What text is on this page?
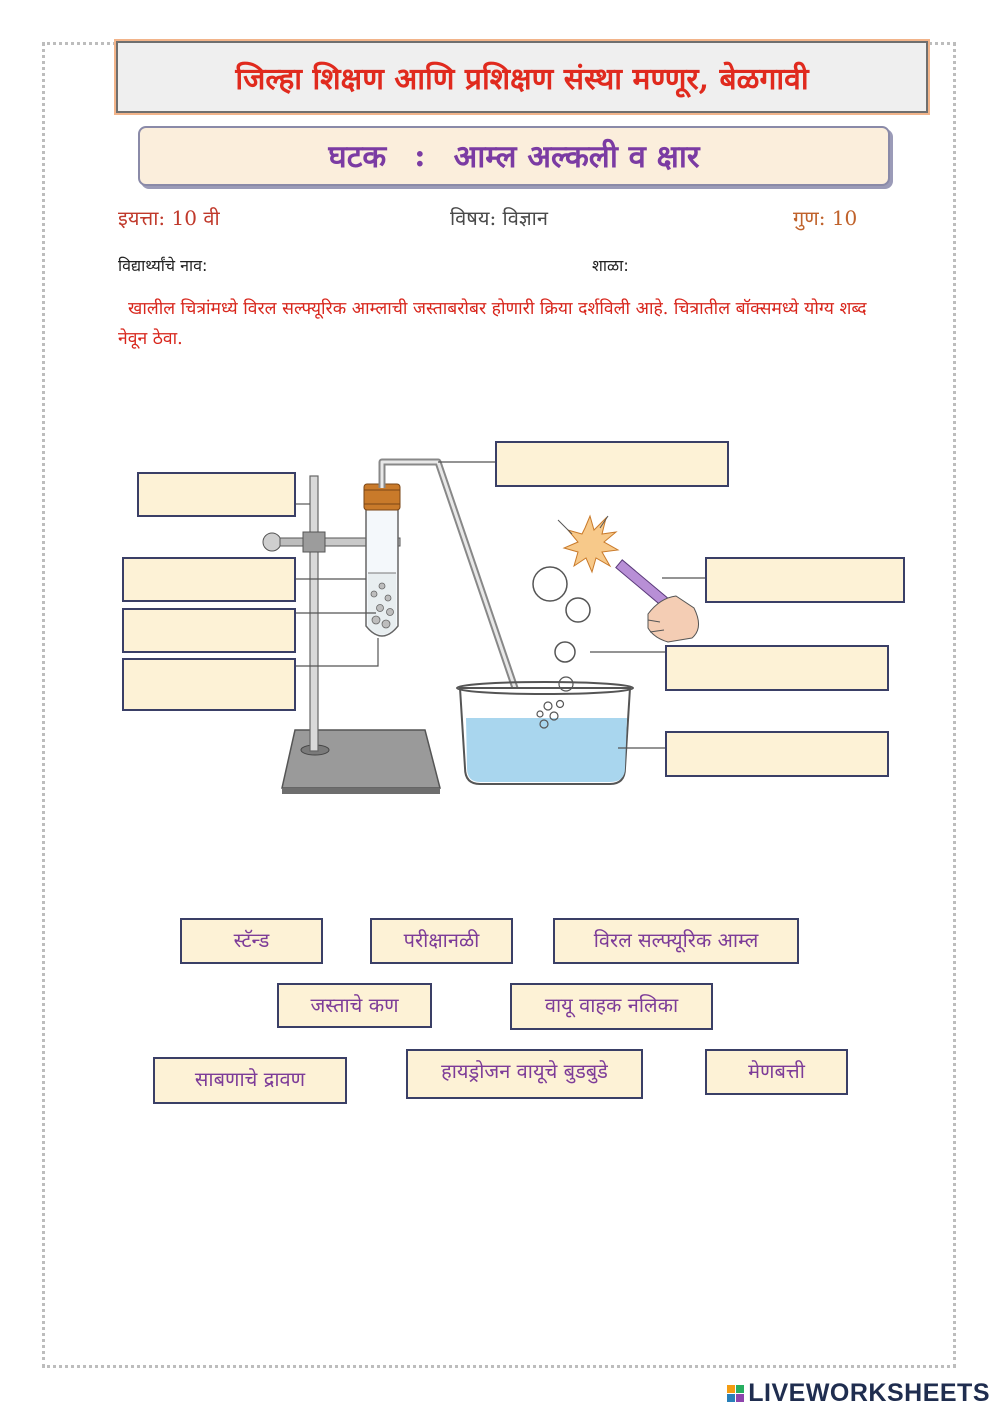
जिल्हा शिक्षण आणि प्रशिक्षण संस्था मण्णूर, बेळगावी
घटक : आम्ल अल्कली व क्षार
इयत्ता: 10 वी	विषय: विज्ञान	गुण: 10
विद्यार्थ्यांचे नाव:	शाळा:
खालील चित्रांमध्ये विरल सल्फ्यूरिक आम्लाची जस्ताबरोबर होणारी क्रिया दर्शविली आहे. चित्रातील बॉक्समध्ये योग्य शब्द नेवून ठेवा.
स्टॅन्ड	परीक्षानळी	विरल सल्फ्यूरिक आम्ल
जस्ताचे कण	वायू वाहक नलिका
साबणाचे द्रावण	हायड्रोजन वायूचे बुडबुडे	मेणबत्ती
LIVEWORKSHEETS
